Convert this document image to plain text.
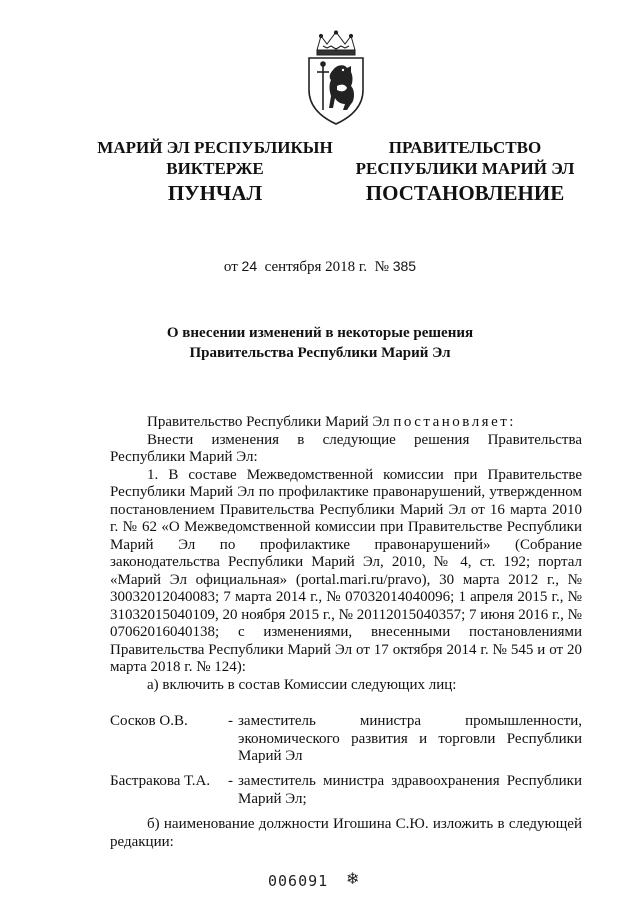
МАРИЙ ЭЛ РЕСПУБЛИКЫН
ВИКТЕРЖЕ
ПУНЧАЛ
ПРАВИТЕЛЬСТВО
РЕСПУБЛИКИ МАРИЙ ЭЛ
ПОСТАНОВЛЕНИЕ
от 24 сентября 2018 г. № 385
О внесении изменений в некоторые решения
Правительства Республики Марий Эл

Правительство Республики Марий Эл постановляет:

Внести изменения в следующие решения Правительства Республики Марий Эл:

1. В составе Межведомственной комиссии при Правительстве Республики Марий Эл по профилактике правонарушений, утвержденном постановлением Правительства Республики Марий Эл от 16 марта 2010 г. № 62 «О Межведомственной комиссии при Правительстве Республики Марий Эл по профилактике правонарушений» (Собрание законодательства Республики Марий Эл, 2010, № 4, ст. 192; портал «Марий Эл официальная» (portal.mari.ru/pravo), 30 марта 2012 г., № 30032012040083; 7 марта 2014 г., № 07032014040096; 1 апреля 2015 г., № 31032015040109, 20 ноября 2015 г., № 20112015040357; 7 июня 2016 г., № 07062016040138; с изменениями, внесенными постановлениями Правительства Республики Марий Эл от 17 октября 2014 г. № 545 и от 20 марта 2018 г. № 124):

а) включить в состав Комиссии следующих лиц:

Сосков О.В.	- заместитель министра промышленности, экономического развития и торговли Республики Марий Эл
Бастракова Т.А. - заместитель министра здравоохранения Республики Марий Эл;

б) наименование должности Игошина С.Ю. изложить в следующей редакции:

006091 ❄
